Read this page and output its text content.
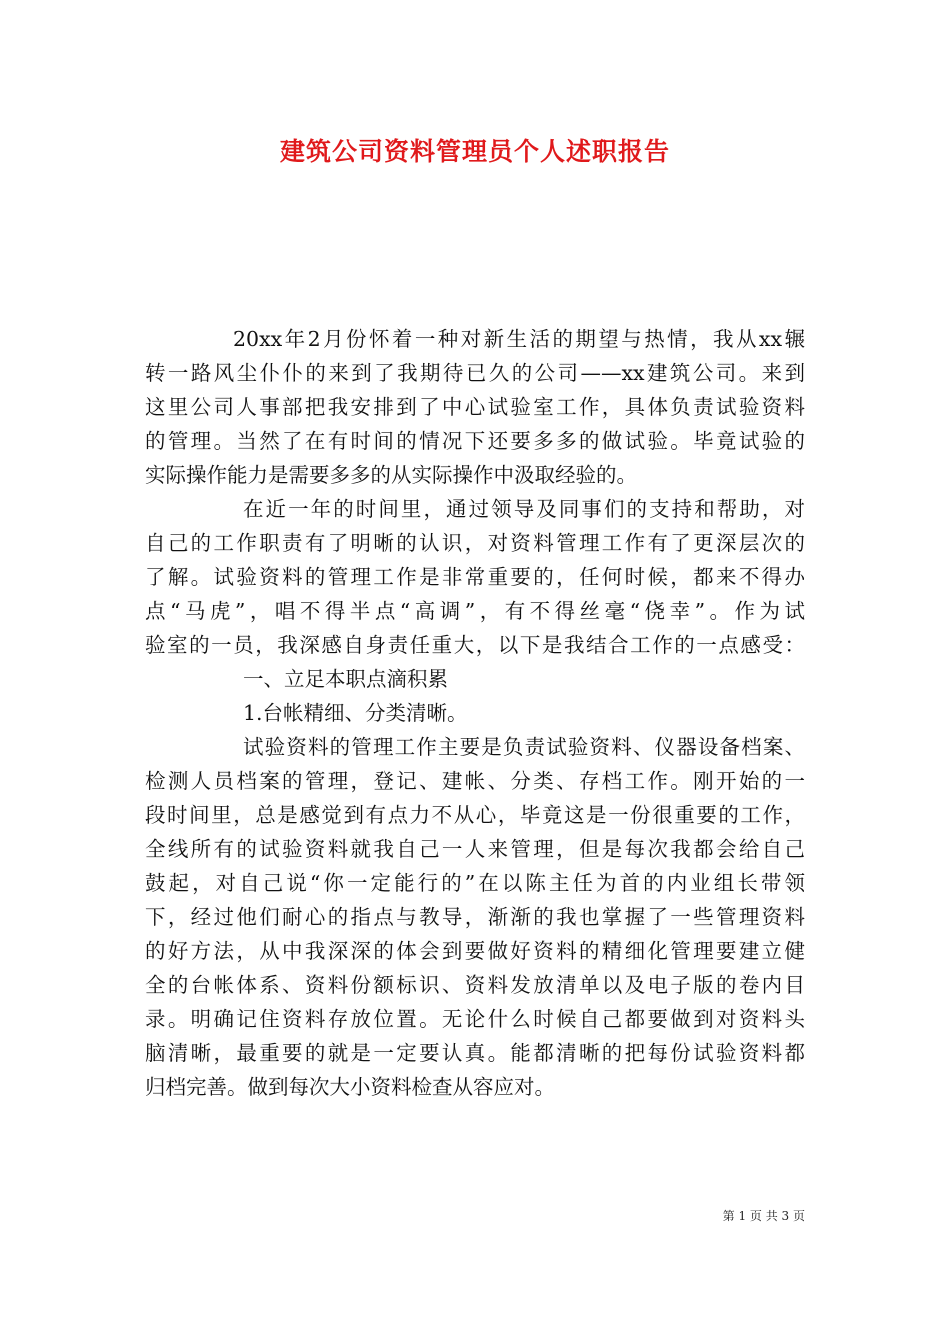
建筑公司资料管理员个人述职报告
20xx年2月份怀着一种对新生活的期望与热情，我从xx辗
转一路风尘仆仆的来到了我期待已久的公司——xx建筑公司。来到
这里公司人事部把我安排到了中心试验室工作，具体负责试验资料
的管理。当然了在有时间的情况下还要多多的做试验。毕竟试验的
实际操作能力是需要多多的从实际操作中汲取经验的。
在近一年的时间里，通过领导及同事们的支持和帮助，对
自己的工作职责有了明晰的认识，对资料管理工作有了更深层次的
了解。试验资料的管理工作是非常重要的，任何时候，都来不得办
点“马虎”，唱不得半点“高调”，有不得丝毫“侥幸”。作为试
验室的一员，我深感自身责任重大，以下是我结合工作的一点感受：
一、立足本职点滴积累
1.台帐精细、分类清晰。
试验资料的管理工作主要是负责试验资料、仪器设备档案、
检测人员档案的管理，登记、建帐、分类、存档工作。刚开始的一
段时间里，总是感觉到有点力不从心，毕竟这是一份很重要的工作，
全线所有的试验资料就我自己一人来管理，但是每次我都会给自己
鼓起，对自己说“你一定能行的”在以陈主任为首的内业组长带领
下，经过他们耐心的指点与教导，渐渐的我也掌握了一些管理资料
的好方法，从中我深深的体会到要做好资料的精细化管理要建立健
全的台帐体系、资料份额标识、资料发放清单以及电子版的卷内目
录。明确记住资料存放位置。无论什么时候自己都要做到对资料头
脑清晰，最重要的就是一定要认真。能都清晰的把每份试验资料都
归档完善。做到每次大小资料检查从容应对。
第 1 页 共 3 页
